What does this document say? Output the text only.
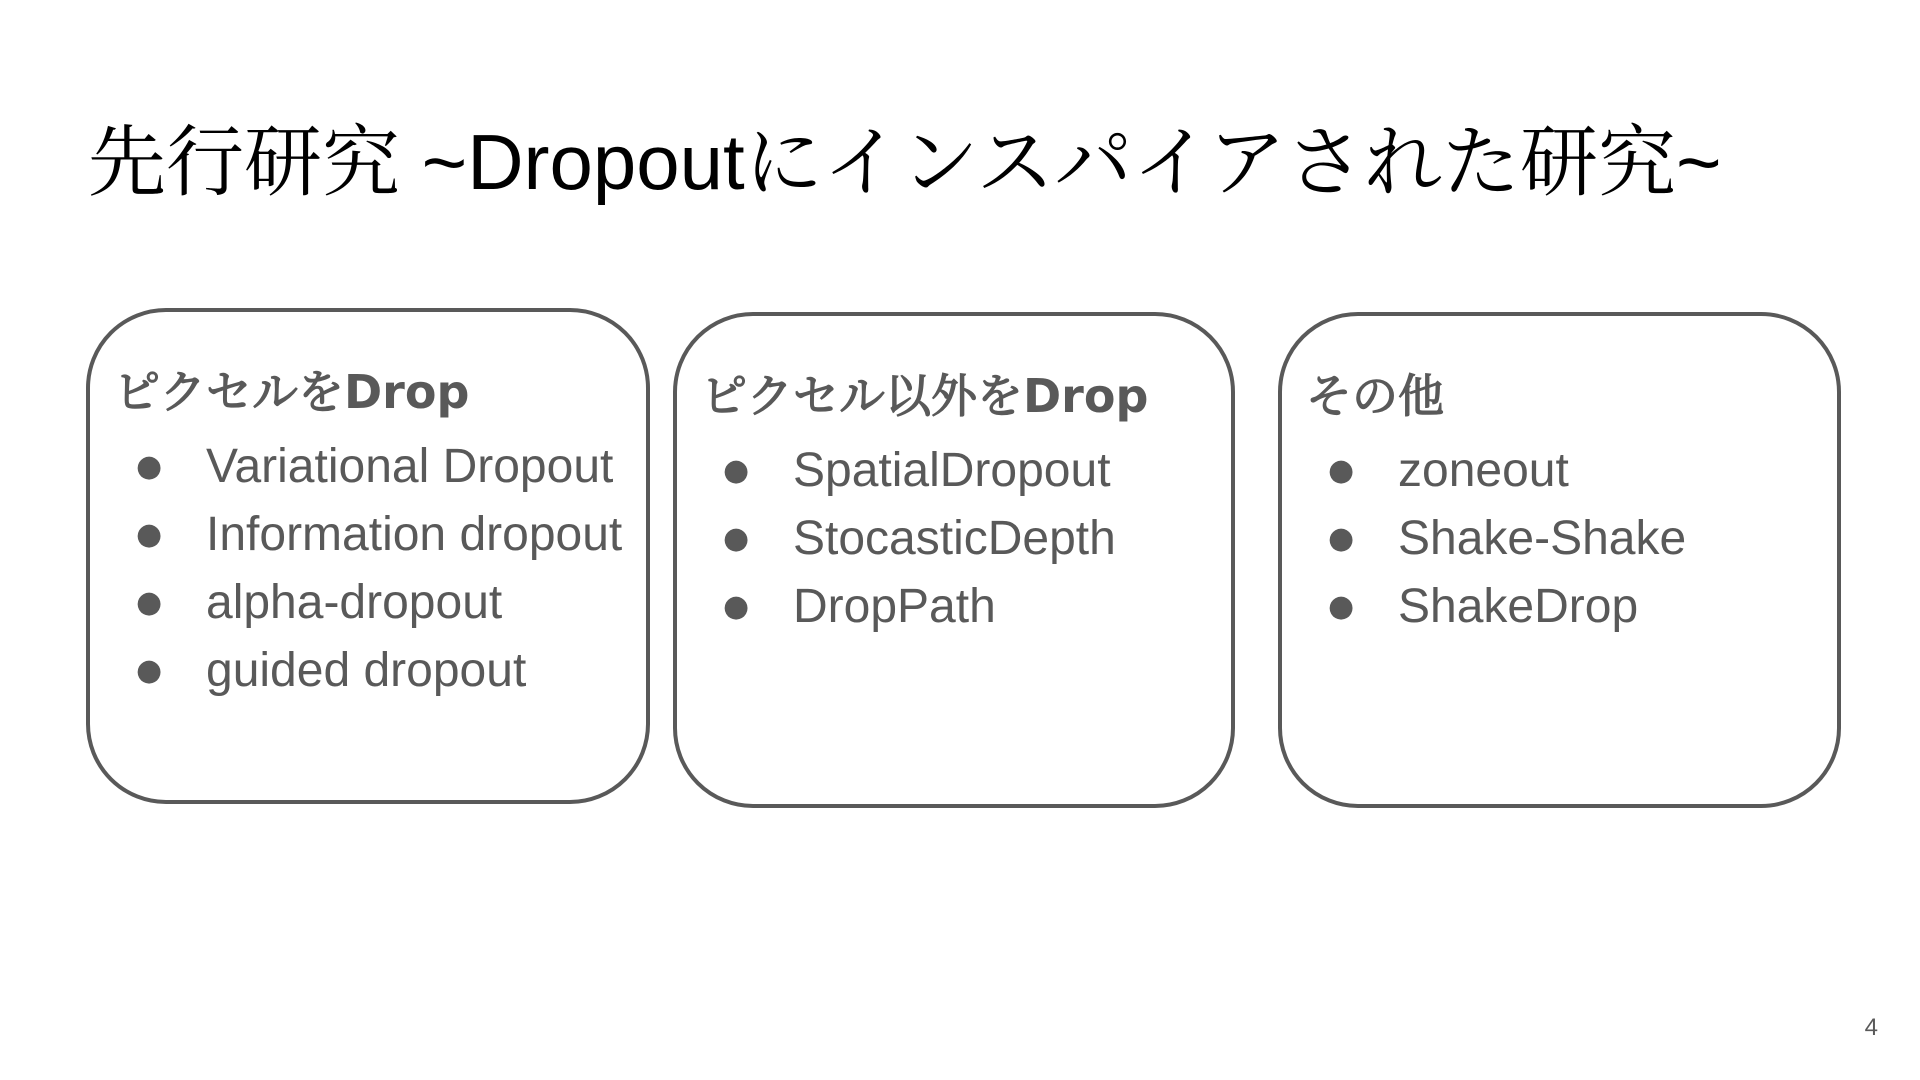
先行研究 ~Dropoutにインスパイアされた研究~
ピクセルをDrop
● Variational Dropout
● Information dropout
● alpha-dropout
● guided dropout
ピクセル以外をDrop
● SpatialDropout
● StocasticDepth
● DropPath
その他
● zoneout
● Shake-Shake
● ShakeDrop
4
